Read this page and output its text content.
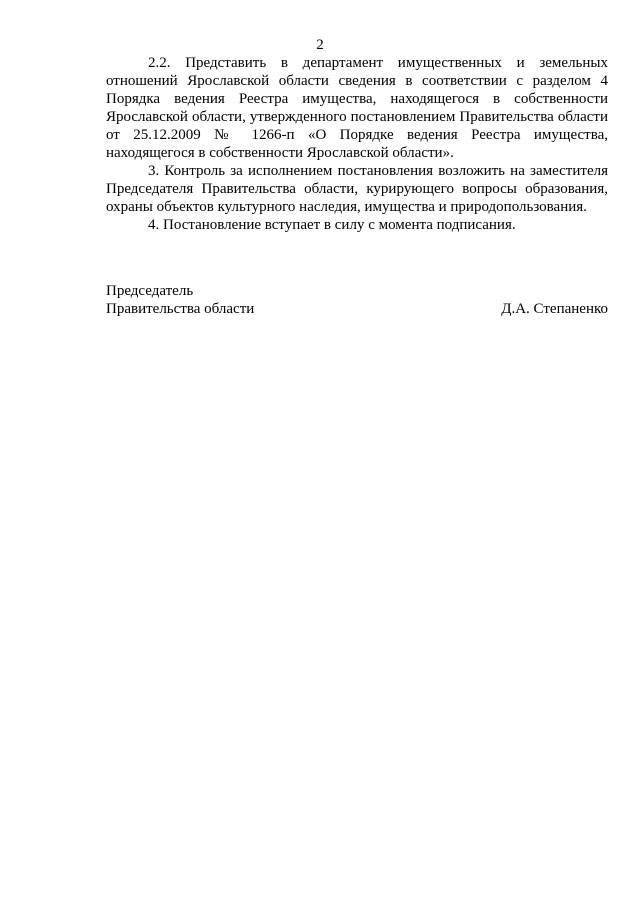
2

2.2. Представить в департамент имущественных и земельных отношений Ярославской области сведения в соответствии с разделом 4 Порядка ведения Реестра имущества, находящегося в собственности Ярославской области, утвержденного постановлением Правительства области от 25.12.2009 № 1266-п «О Порядке ведения Реестра имущества, находящегося в собственности Ярославской области».

3. Контроль за исполнением постановления возложить на заместителя Председателя Правительства области, курирующего вопросы образования, охраны объектов культурного наследия, имущества и природопользования.

4. Постановление вступает в силу с момента подписания.

Председатель
Правительства области	Д.А. Степаненко
